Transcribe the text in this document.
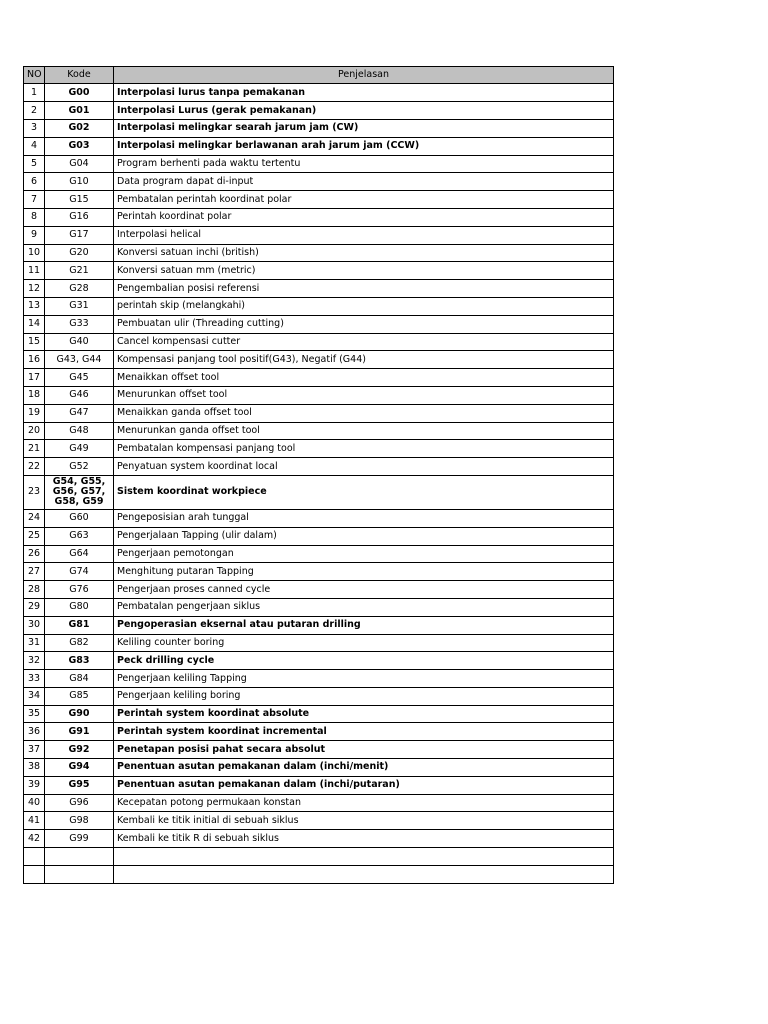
NO	Kode	Penjelasan
1	G00	Interpolasi lurus tanpa pemakanan
2	G01	Interpolasi Lurus (gerak pemakanan)
3	G02	Interpolasi melingkar searah jarum jam (CW)
4	G03	Interpolasi melingkar berlawanan arah jarum jam (CCW)
5	G04	Program berhenti pada waktu tertentu
6	G10	Data program dapat di-input
7	G15	Pembatalan perintah koordinat polar
8	G16	Perintah koordinat polar
9	G17	Interpolasi helical
10	G20	Konversi satuan inchi (british)
11	G21	Konversi satuan mm (metric)
12	G28	Pengembalian posisi referensi
13	G31	perintah skip (melangkahi)
14	G33	Pembuatan ulir (Threading cutting)
15	G40	Cancel kompensasi cutter
16	G43, G44	Kompensasi panjang tool positif(G43), Negatif (G44)
17	G45	Menaikkan offset tool
18	G46	Menurunkan offset tool
19	G47	Menaikkan ganda offset tool
20	G48	Menurunkan ganda offset tool
21	G49	Pembatalan kompensasi panjang tool
22	G52	Penyatuan system koordinat local
23	G54, G55, G56, G57, G58, G59	Sistem koordinat workpiece
24	G60	Pengeposisian arah tunggal
25	G63	Pengerjalaan Tapping (ulir dalam)
26	G64	Pengerjaan pemotongan
27	G74	Menghitung putaran Tapping
28	G76	Pengerjaan proses canned cycle
29	G80	Pembatalan pengerjaan siklus
30	G81	Pengoperasian eksernal atau putaran drilling
31	G82	Keliling counter boring
32	G83	Peck drilling cycle
33	G84	Pengerjaan keliling Tapping
34	G85	Pengerjaan keliling boring
35	G90	Perintah system koordinat absolute
36	G91	Perintah system koordinat incremental
37	G92	Penetapan posisi pahat secara absolut
38	G94	Penentuan asutan pemakanan dalam (inchi/menit)
39	G95	Penentuan asutan pemakanan dalam (inchi/putaran)
40	G96	Kecepatan potong permukaan konstan
41	G98	Kembali ke titik initial di sebuah siklus
42	G99	Kembali ke titik R di sebuah siklus
